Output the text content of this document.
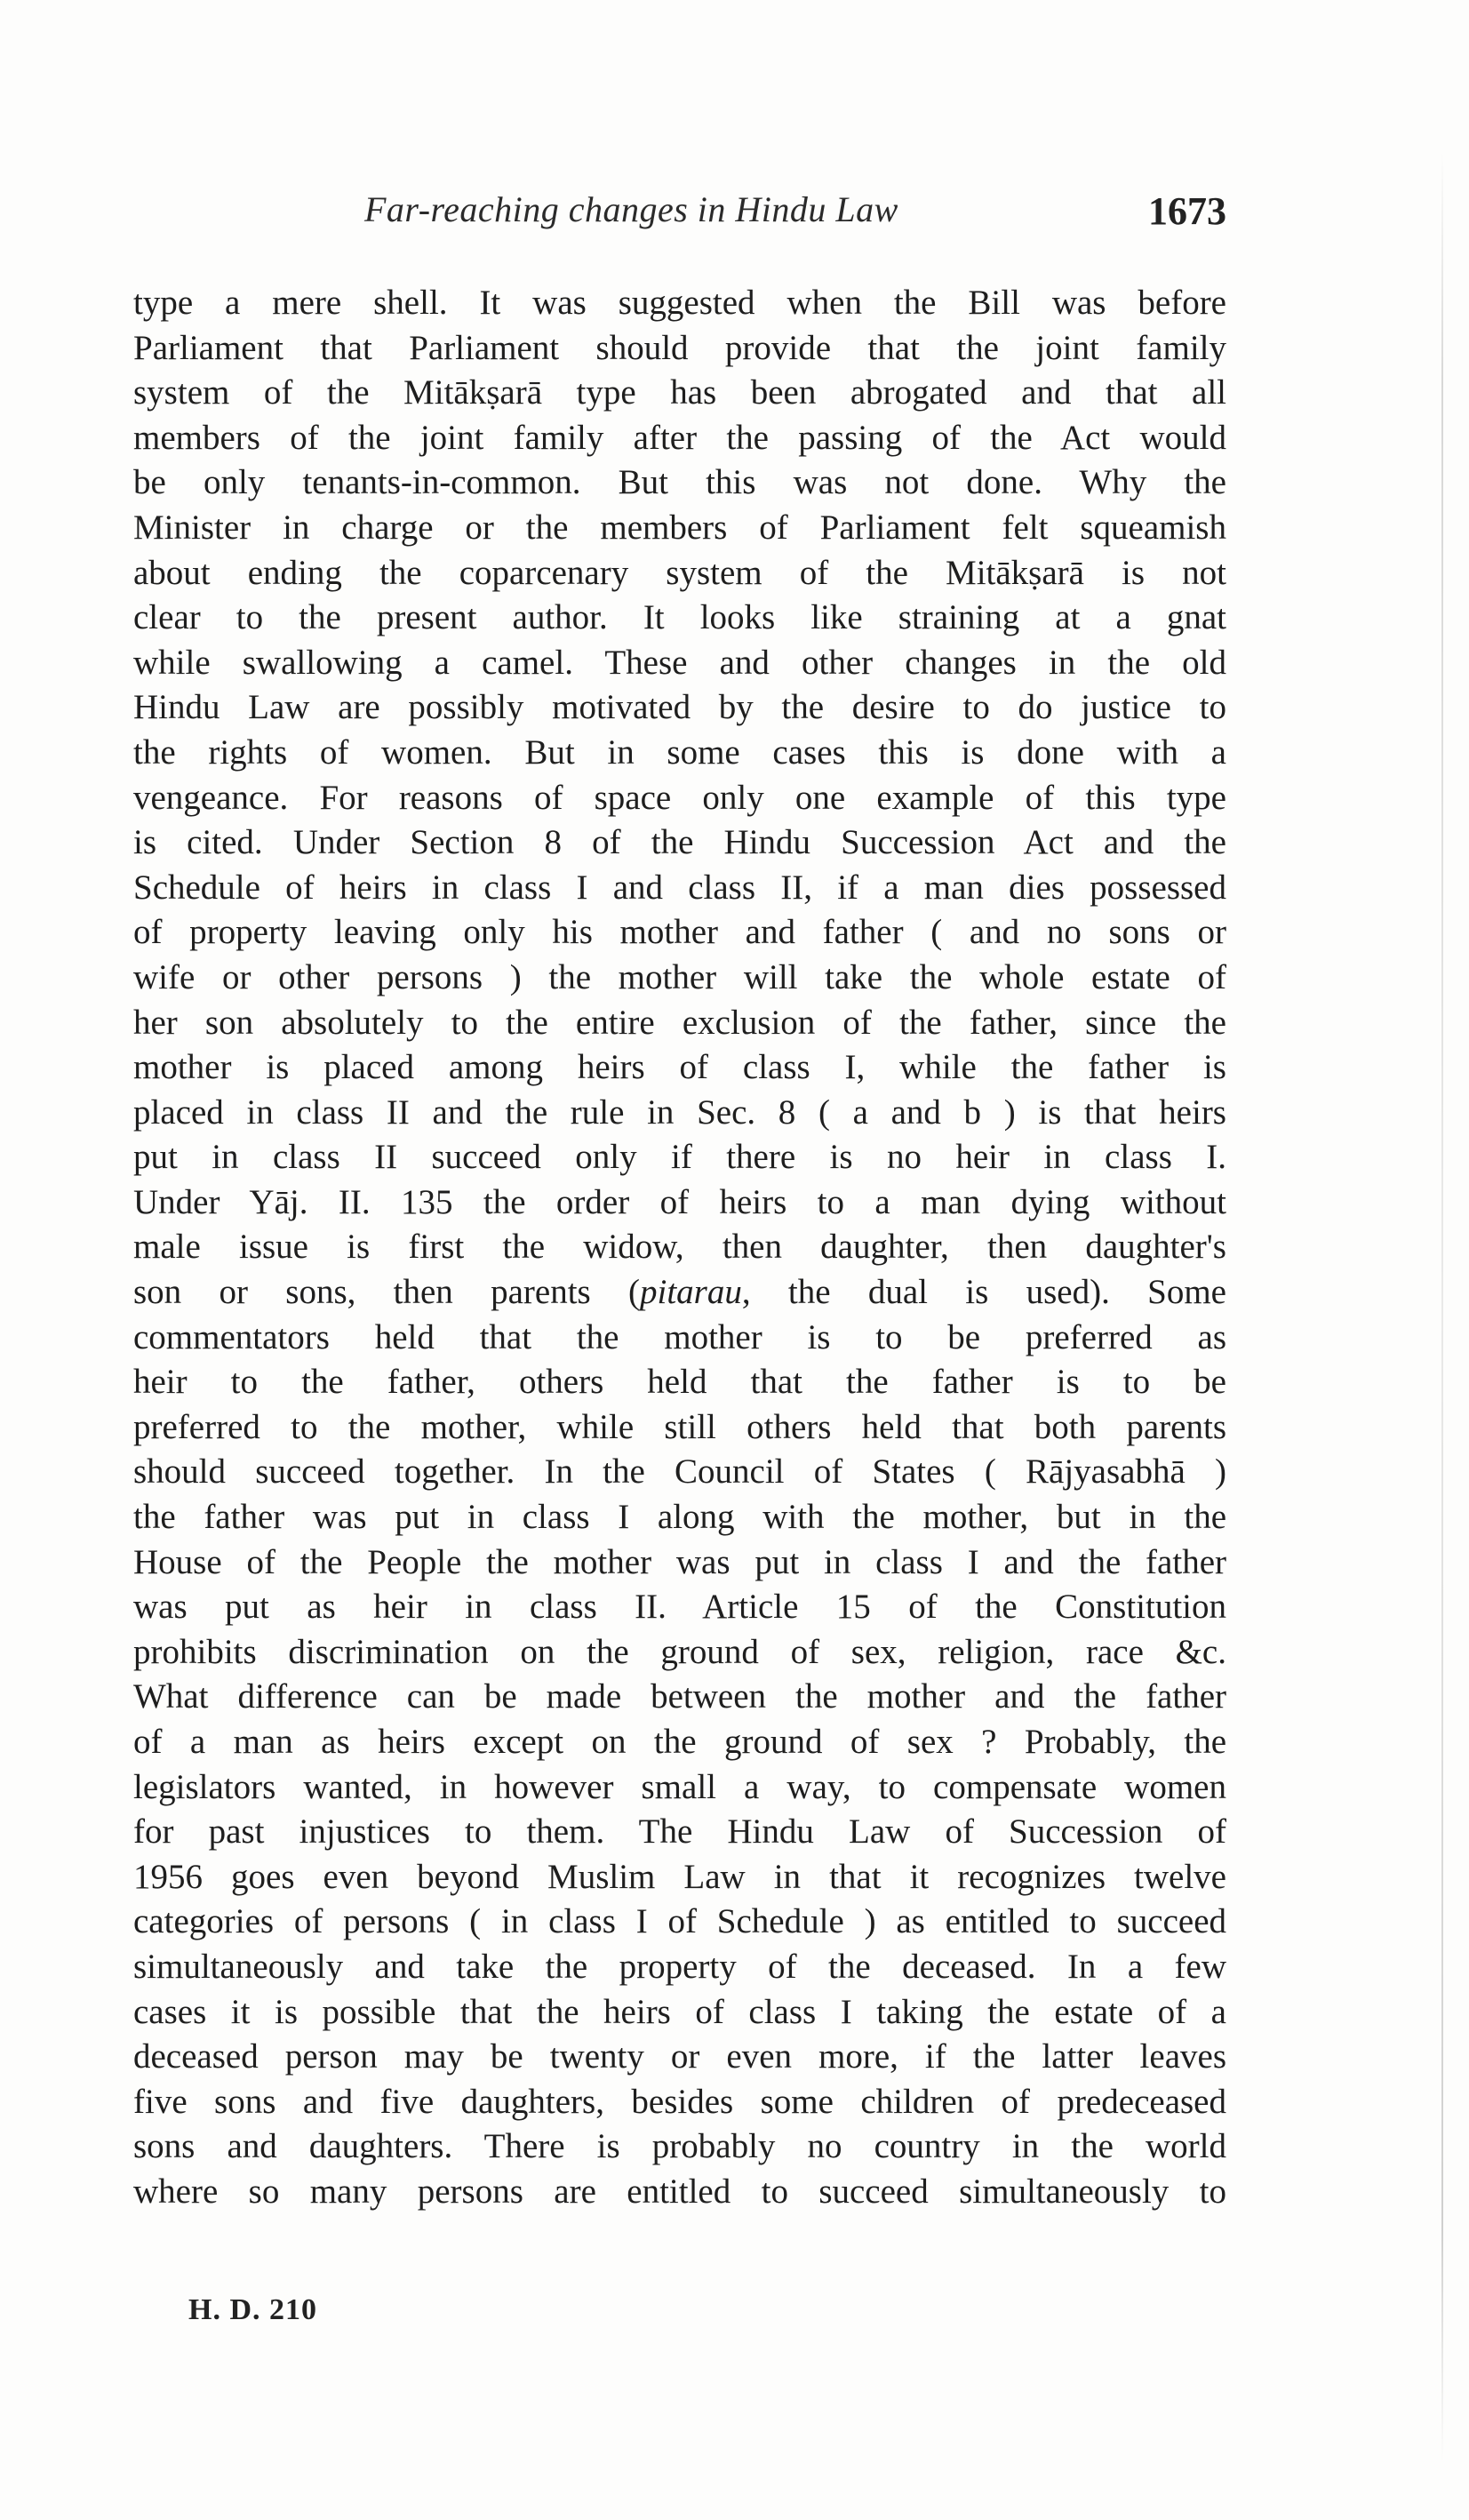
Far-reaching changes in Hindu Law	1673
type a mere shell. It was suggested when the Bill was before
Parliament that Parliament should provide that the joint family
system of the Mitākṣarā type has been abrogated and that all
members of the joint family after the passing of the Act would
be only tenants-in-common. But this was not done. Why the
Minister in charge or the members of Parliament felt squeamish
about ending the coparcenary system of the Mitākṣarā is not
clear to the present author. It looks like straining at a gnat
while swallowing a camel. These and other changes in the old
Hindu Law are possibly motivated by the desire to do justice to
the rights of women. But in some cases this is done with a
vengeance. For reasons of space only one example of this type
is cited. Under Section 8 of the Hindu Succession Act and the
Schedule of heirs in class I and class II, if a man dies possessed
of property leaving only his mother and father ( and no sons or
wife or other persons ) the mother will take the whole estate of
her son absolutely to the entire exclusion of the father, since the
mother is placed among heirs of class I, while the father is
placed in class II and the rule in Sec. 8 ( a and b ) is that heirs
put in class II succeed only if there is no heir in class I.
Under Yāj. II. 135 the order of heirs to a man dying without
male issue is first the widow, then daughter, then daughter's
son or sons, then parents (pitarau, the dual is used). Some
commentators held that the mother is to be preferred as
heir to the father, others held that the father is to be
preferred to the mother, while still others held that both parents
should succeed together. In the Council of States ( Rājyasabhā )
the father was put in class I along with the mother, but in the
House of the People the mother was put in class I and the father
was put as heir in class II. Article 15 of the Constitution
prohibits discrimination on the ground of sex, religion, race &c.
What difference can be made between the mother and the father
of a man as heirs except on the ground of sex ? Probably, the
legislators wanted, in however small a way, to compensate women
for past injustices to them. The Hindu Law of Succession of
1956 goes even beyond Muslim Law in that it recognizes twelve
categories of persons ( in class I of Schedule ) as entitled to succeed
simultaneously and take the property of the deceased. In a few
cases it is possible that the heirs of class I taking the estate of a
deceased person may be twenty or even more, if the latter leaves
five sons and five daughters, besides some children of predeceased
sons and daughters. There is probably no country in the world
where so many persons are entitled to succeed simultaneously to
H. D. 210
